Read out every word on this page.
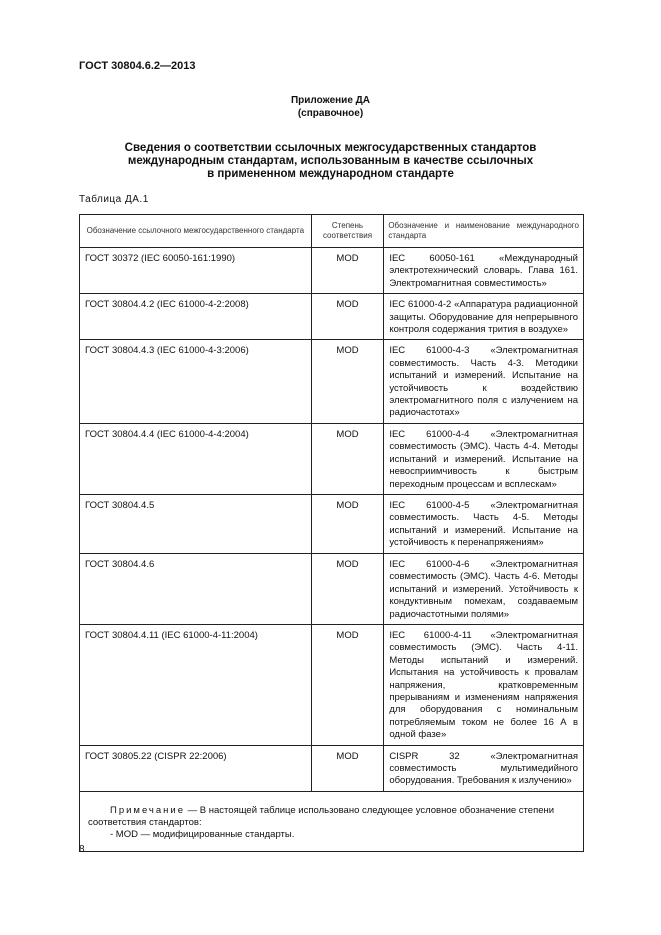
ГОСТ 30804.6.2—2013
Приложение ДА
(справочное)
Сведения о соответствии ссылочных межгосударственных стандартов
международным стандартам, использованным в качестве ссылочных
в примененном международном стандарте
Таблица ДА.1
Обозначение ссылочного межгосударственного стандарта	Степень соответствия	Обозначение и наименование международного стандарта
ГОСТ 30372 (IEC 60050-161:1990)	MOD	IEC 60050-161 «Международный электротехнический словарь. Глава 161. Электромагнитная совместимость»
ГОСТ 30804.4.2 (IEC 61000-4-2:2008)	MOD	IEC 61000-4-2 «Аппаратура радиационной защиты. Оборудование для непрерывного контроля содержания трития в воздухе»
ГОСТ 30804.4.3 (IEC 61000-4-3:2006)	MOD	IEC 61000-4-3 «Электромагнитная совместимость. Часть 4-3. Методики испытаний и измерений. Испытание на устойчивость к воздействию электромагнитного поля с излучением на радиочастотах»
ГОСТ 30804.4.4 (IEC 61000-4-4:2004)	MOD	IEC 61000-4-4 «Электромагнитная совместимость (ЭМС). Часть 4-4. Методы испытаний и измерений. Испытание на невосприимчивость к быстрым переходным процессам и всплескам»
ГОСТ 30804.4.5	MOD	IEC 61000-4-5 «Электромагнитная совместимость. Часть 4-5. Методы испытаний и измерений. Испытание на устойчивость к перенапряжениям»
ГОСТ 30804.4.6	MOD	IEC 61000-4-6 «Электромагнитная совместимость (ЭМС). Часть 4-6. Методы испытаний и измерений. Устойчивость к кондуктивным помехам, создаваемым радиочастотными полями»
ГОСТ 30804.4.11 (IEC 61000-4-11:2004)	MOD	IEC 61000-4-11 «Электромагнитная совместимость (ЭМС). Часть 4-11. Методы испытаний и измерений. Испытания на устойчивость к провалам напряжения, кратковременным прерываниям и изменениям напряжения для оборудования с номинальным потребляемым током не более 16 А в одной фазе»
ГОСТ 30805.22 (CISPR 22:2006)	MOD	CISPR 32 «Электромагнитная совместимость мультимедийного оборудования. Требования к излучению»

Примечание — В настоящей таблице использовано следующее условное обозначение степени соответствия стандартов:
- MOD — модифицированные стандарты.		
8
